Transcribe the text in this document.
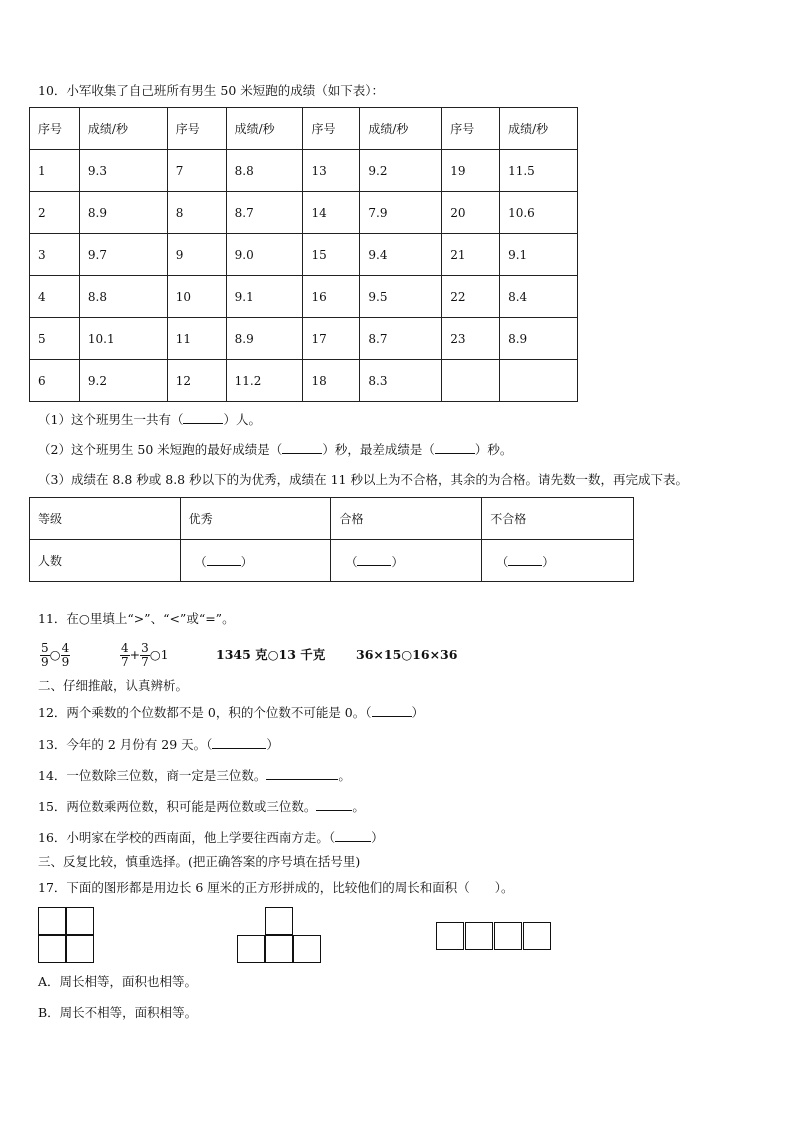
10．小军收集了自己班所有男生 50 米短跑的成绩（如下表）：
序号	成绩/秒	序号	成绩/秒	序号	成绩/秒	序号	成绩/秒
1	9.3	7	8.8	13	9.2	19	11.5
2	8.9	8	8.7	14	7.9	20	10.6
3	9.7	9	9.0	15	9.4	21	9.1
4	8.8	10	9.1	16	9.5	22	8.4
5	10.1	11	8.9	17	8.7	23	8.9
6	9.2	12	11.2	18	8.3		
（1）这个班男生一共有（	）人。
（2）这个班男生 50 米短跑的最好成绩是（	）秒，最差成绩是（	）秒。
（3）成绩在 8.8 秒或 8.8 秒以下的为优秀，成绩在 11 秒以上为不合格，其余的为合格。请先数一数，再完成下表。
等级	优秀	合格	不合格
人数	（ ）	（ ）	（ ）
11．在○里填上“>”、“<”或“=”。
$\frac{5}{9}$ ○ $\frac{4}{9}$	$\frac{4}{7} + \frac{3}{7}$ ○1	1345 克○13 千克 36×15○16×36
二、仔细推敲，认真辨析。
12．两个乘数的个位数都不是 0，积的个位数不可能是 0。（	）
13．今年的 2 月份有 29 天。（	）
14．一位数除三位数，商一定是三位数。	。
15．两位数乘两位数，积可能是两位数或三位数。	。
16．小明家在学校的西南面，他上学要往西南方走。（	）
三、反复比较，慎重选择。(把正确答案的序号填在括号里)
17．下面的图形都是用边长 6 厘米的正方形拼成的，比较他们的周长和面积（　　）。
A．周长相等，面积也相等。
B．周长不相等，面积相等。
